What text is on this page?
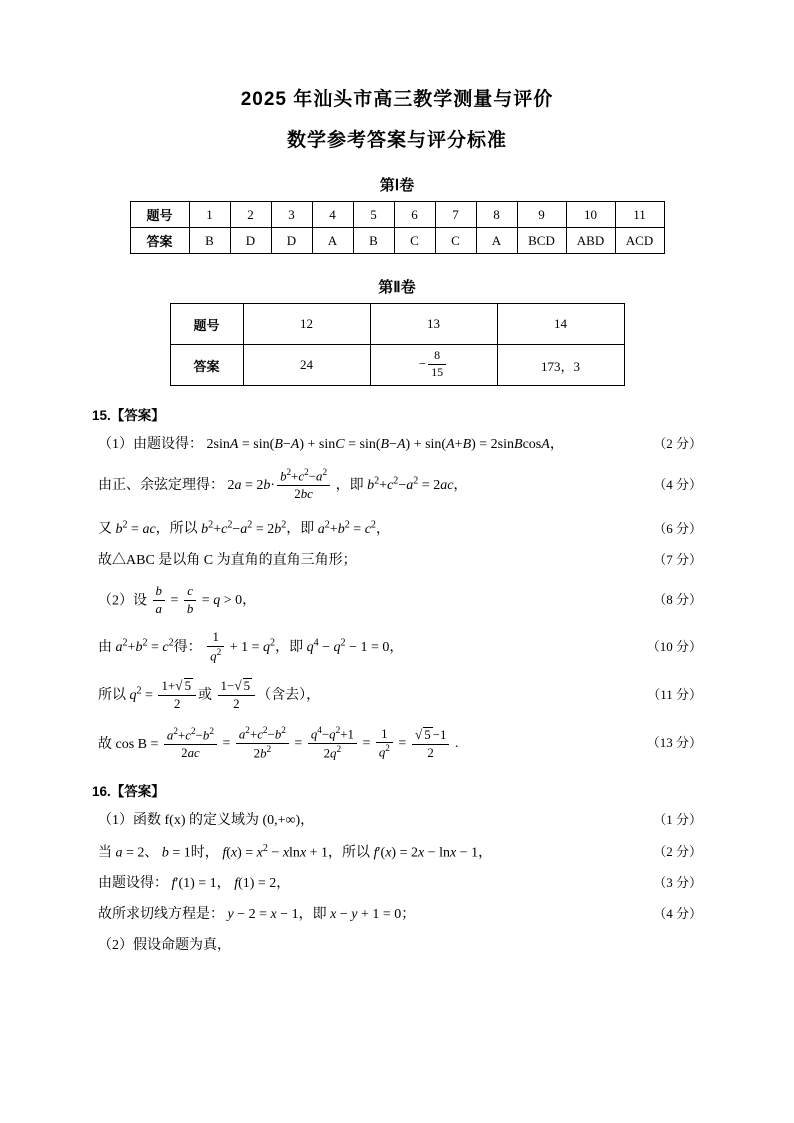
2025 年汕头市高三教学测量与评价
数学参考答案与评分标准
第Ⅰ卷
题号	1	2	3	4	5	6	7	8	9	10	11
答案	B	D	D	A	B	C	C	A	BCD	ABD	ACD
第Ⅱ卷
题号	12	13	14
答案	24	− $\frac{8}{15}$	173，3
15.【答案】
（1）由题设得： 2sinA = sin(B−A) + sinC = sin(B−A) + sin(A+B) = 2sinBcosA，	（2 分）
由正、余弦定理得： $2a = 2b\cdot \frac{b^2+c^2-a^2}{2bc}$ ，即 $b^2+c^2-a^2 = 2ac$，	（4 分）
又 $b^2$ = ac，所以 $b^2+c^2-a^2 = 2b^2$，即 $a^2+b^2 = c^2$，	（6 分）
故△ABC 是以角 C 为直角的直角三角形；	（7 分）
（2）设 $\frac{b}{a} = \frac{c}{b} = q > 0$，	（8 分）
由 $a^2+b^2 = c^2$得： $\frac{1}{q^2} + 1 = q^2$，即 $q^4 - q^2 - 1 = 0$，	（10 分）
所以 $q^2 = \frac{1+√ 5}{2}$ 或 $\frac{1-√ 5}{2}$ （含去），	（11 分）
故 $\cos B = \frac{a^2+c^2-b^2}{2ac} = \frac{a^2+c^2-b^2}{2b^2} = \frac{q^4-q^2+1}{2q^2} = \frac{1}{q^2} = \frac{√ 5 -1}{2}$ .	（13 分）
16.【答案】
（1）函数 f(x) 的定义域为 (0,+∞)，	（1 分）
当 a = 2、 b = 1时， $f(x) = x^2 - xlnx + 1$，所以 f′(x) = 2x − lnx − 1，	（2 分）
由题设得： f′(1) = 1， f(1) = 2，	（3 分）
故所求切线方程是： y − 2 = x − 1，即 x − y + 1 = 0；	（4 分）
（2）假设命题为真，
